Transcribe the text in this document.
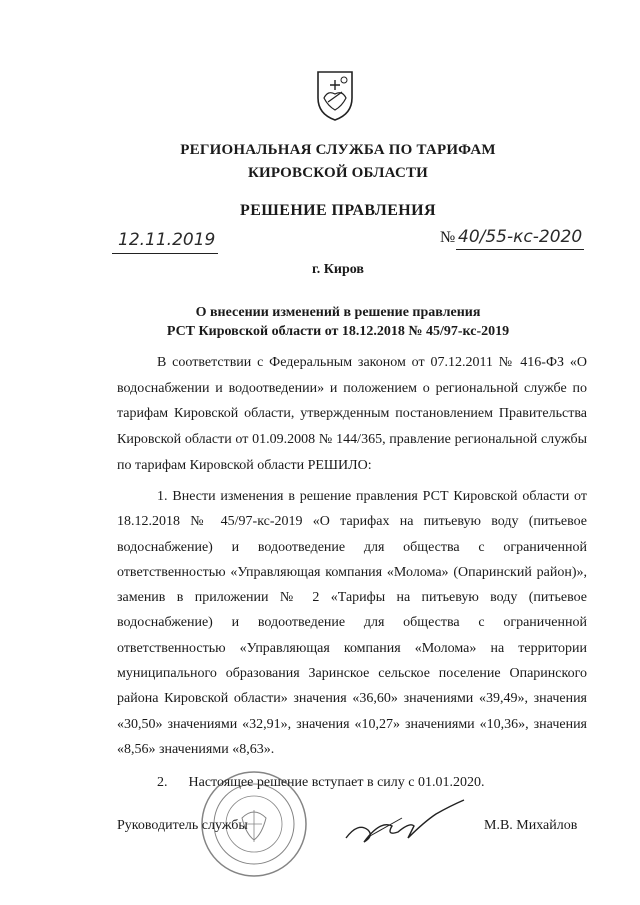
РЕГИОНАЛЬНАЯ СЛУЖБА ПО ТАРИФАМ
КИРОВСКОЙ ОБЛАСТИ
РЕШЕНИЕ ПРАВЛЕНИЯ
12.11.2019	№ 40/55-кс-2020
г. Киров
О внесении изменений в решение правления
РСТ Кировской области от 18.12.2018 № 45/97-кс-2019
В соответствии с Федеральным законом от 07.12.2011 № 416-ФЗ «О водоснабжении и водоотведении» и положением о региональной службе по тарифам Кировской области, утвержденным постановлением Правительства Кировской области от 01.09.2008 № 144/365, правление региональной службы по тарифам Кировской области РЕШИЛО:
1. Внести изменения в решение правления РСТ Кировской области от 18.12.2018 № 45/97-кс-2019 «О тарифах на питьевую воду (питьевое водоснабжение) и водоотведение для общества с ограниченной ответственностью «Управляющая компания «Молома» (Опаринский район)», заменив в приложении № 2 «Тарифы на питьевую воду (питьевое водоснабжение) и водоотведение для общества с ограниченной ответственностью «Управляющая компания «Молома» на территории муниципального образования Заринское сельское поселение Опаринского района Кировской области» значения «36,60» значениями «39,49», значения «30,50» значениями «32,91», значения «10,27» значениями «10,36», значения «8,56» значениями «8,63».
2. Настоящее решение вступает в силу с 01.01.2020.
Руководитель службы	М.В. Михайлов
